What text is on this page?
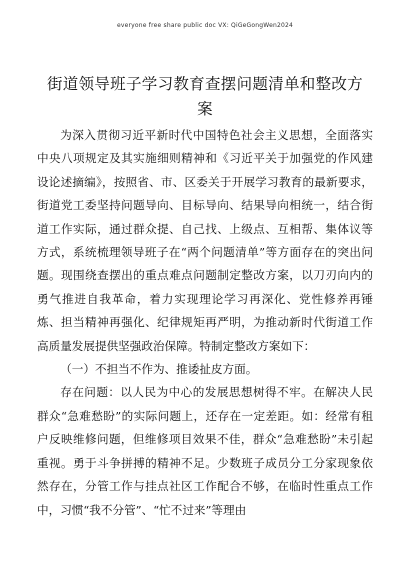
everyone free share public doc VX: QiGeGongWen2024
街道领导班子学习教育查摆问题清单和整改方案

为深入贯彻习近平新时代中国特色社会主义思想，全面落实中央八项规定及其实施细则精神和《习近平关于加强党的作风建设论述摘编》，按照省、市、区委关于开展学习教育的最新要求，街道党工委坚持问题导向、目标导向、结果导向相统一，结合街道工作实际，通过群众提、自己找、上级点、互相帮、集体议等方式，系统梳理领导班子在“两个问题清单”等方面存在的突出问题。现围绕查摆出的重点难点问题制定整改方案，以刀刃向内的勇气推进自我革命，着力实现理论学习再深化、党性修养再锤炼、担当精神再强化、纪律规矩再严明，为推动新时代街道工作高质量发展提供坚强政治保障。特制定整改方案如下：

（一）不担当不作为、推诿扯皮方面。

存在问题：以人民为中心的发展思想树得不牢。在解决人民群众“急难愁盼”的实际问题上，还存在一定差距。如：经常有租户反映维修问题，但维修项目效果不佳，群众“急难愁盼”未引起重视。勇于斗争拼搏的精神不足。少数班子成员分工分家现象依然存在，分管工作与挂点社区工作配合不够，在临时性重点工作中，习惯“我不分管”、“忙不过来”等理由
